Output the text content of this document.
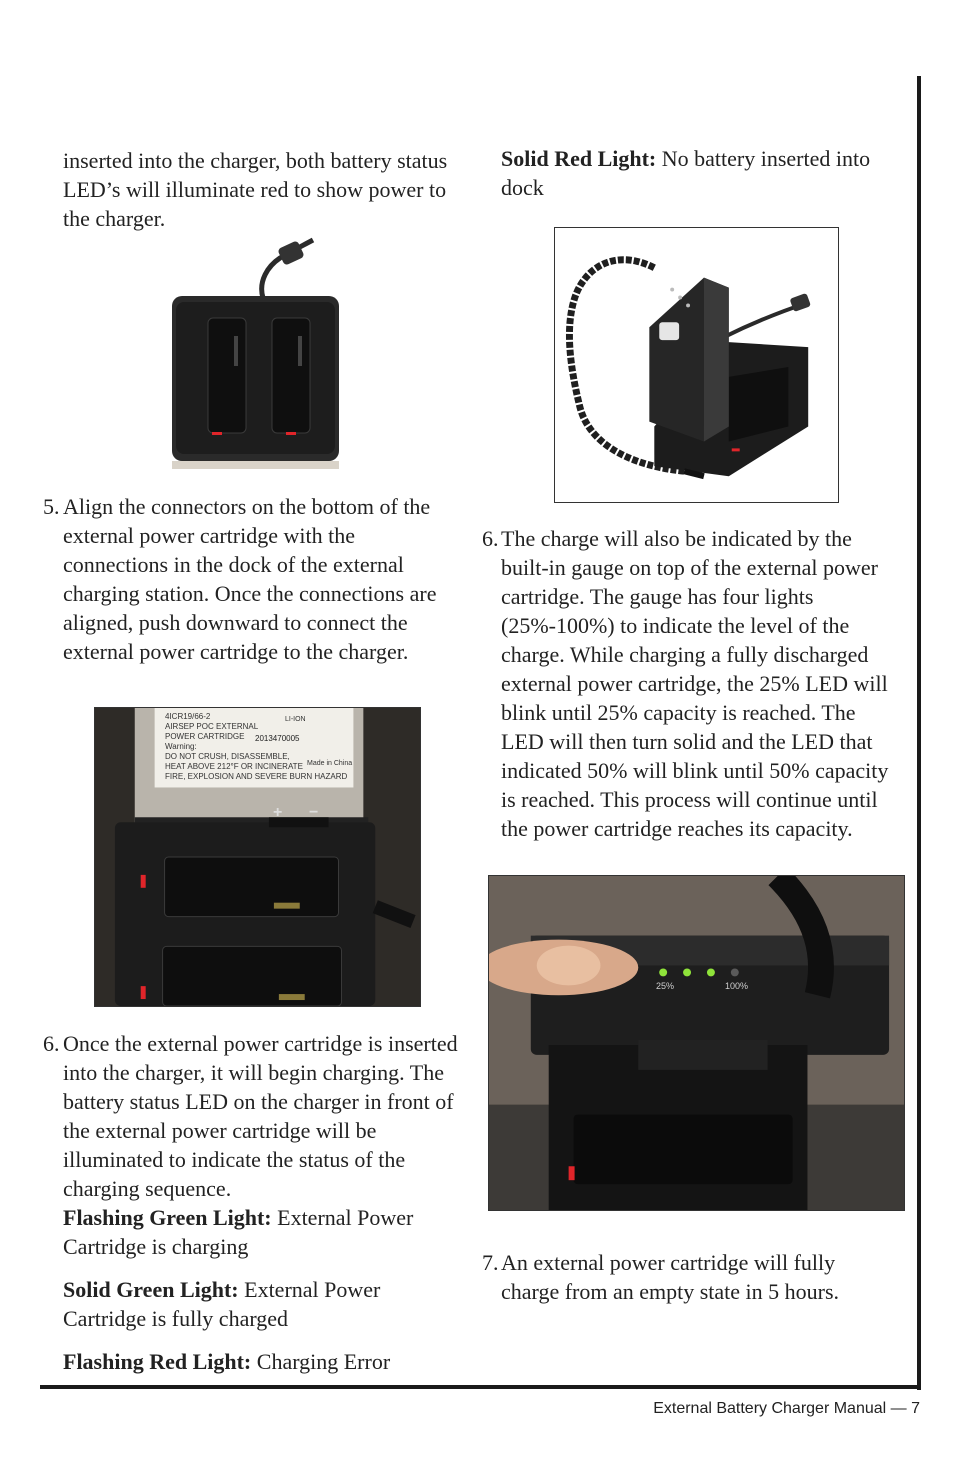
inserted into the charger, both battery status LED’s will illuminate red to show power to the charger.

5. Align the connectors on the bottom of the external power cartridge with the connections in the dock of the external charging station. Once the connections are aligned, push downward to connect the external power cartridge to the charger.

4ICR19/66-2
AIRSEP POC EXTERNAL
POWER CARTRIDGE
Warning:
DO NOT CRUSH, DISASSEMBLE,
HEAT ABOVE 212°F OR INCINERATE
FIRE, EXPLOSION AND SEVERE BURN HAZARD
2013470005
Made in China
LI-ION
+ −
6. Once the external power cartridge is inserted into the charger, it will begin charging. The battery status LED on the charger in front of the external power cartridge will be illuminated to indicate the status of the charging sequence.

Flashing Green Light: External Power Cartridge is charging

Solid Green Light: External Power Cartridge is fully charged

Flashing Red Light: Charging Error

Solid Red Light: No battery inserted into dock

6. The charge will also be indicated by the built-in gauge on top of the external power cartridge. The gauge has four lights (25%-100%) to indicate the level of the charge. While charging a fully discharged external power cartridge, the 25% LED will blink until 25% capacity is reached. The LED will then turn solid and the LED that indicated 50% will blink until 50% capacity is reached. This process will continue until the power cartridge reaches its capacity.

25%	100%
7. An external power cartridge will fully charge from an empty state in 5 hours.

External Battery Charger Manual — 7
